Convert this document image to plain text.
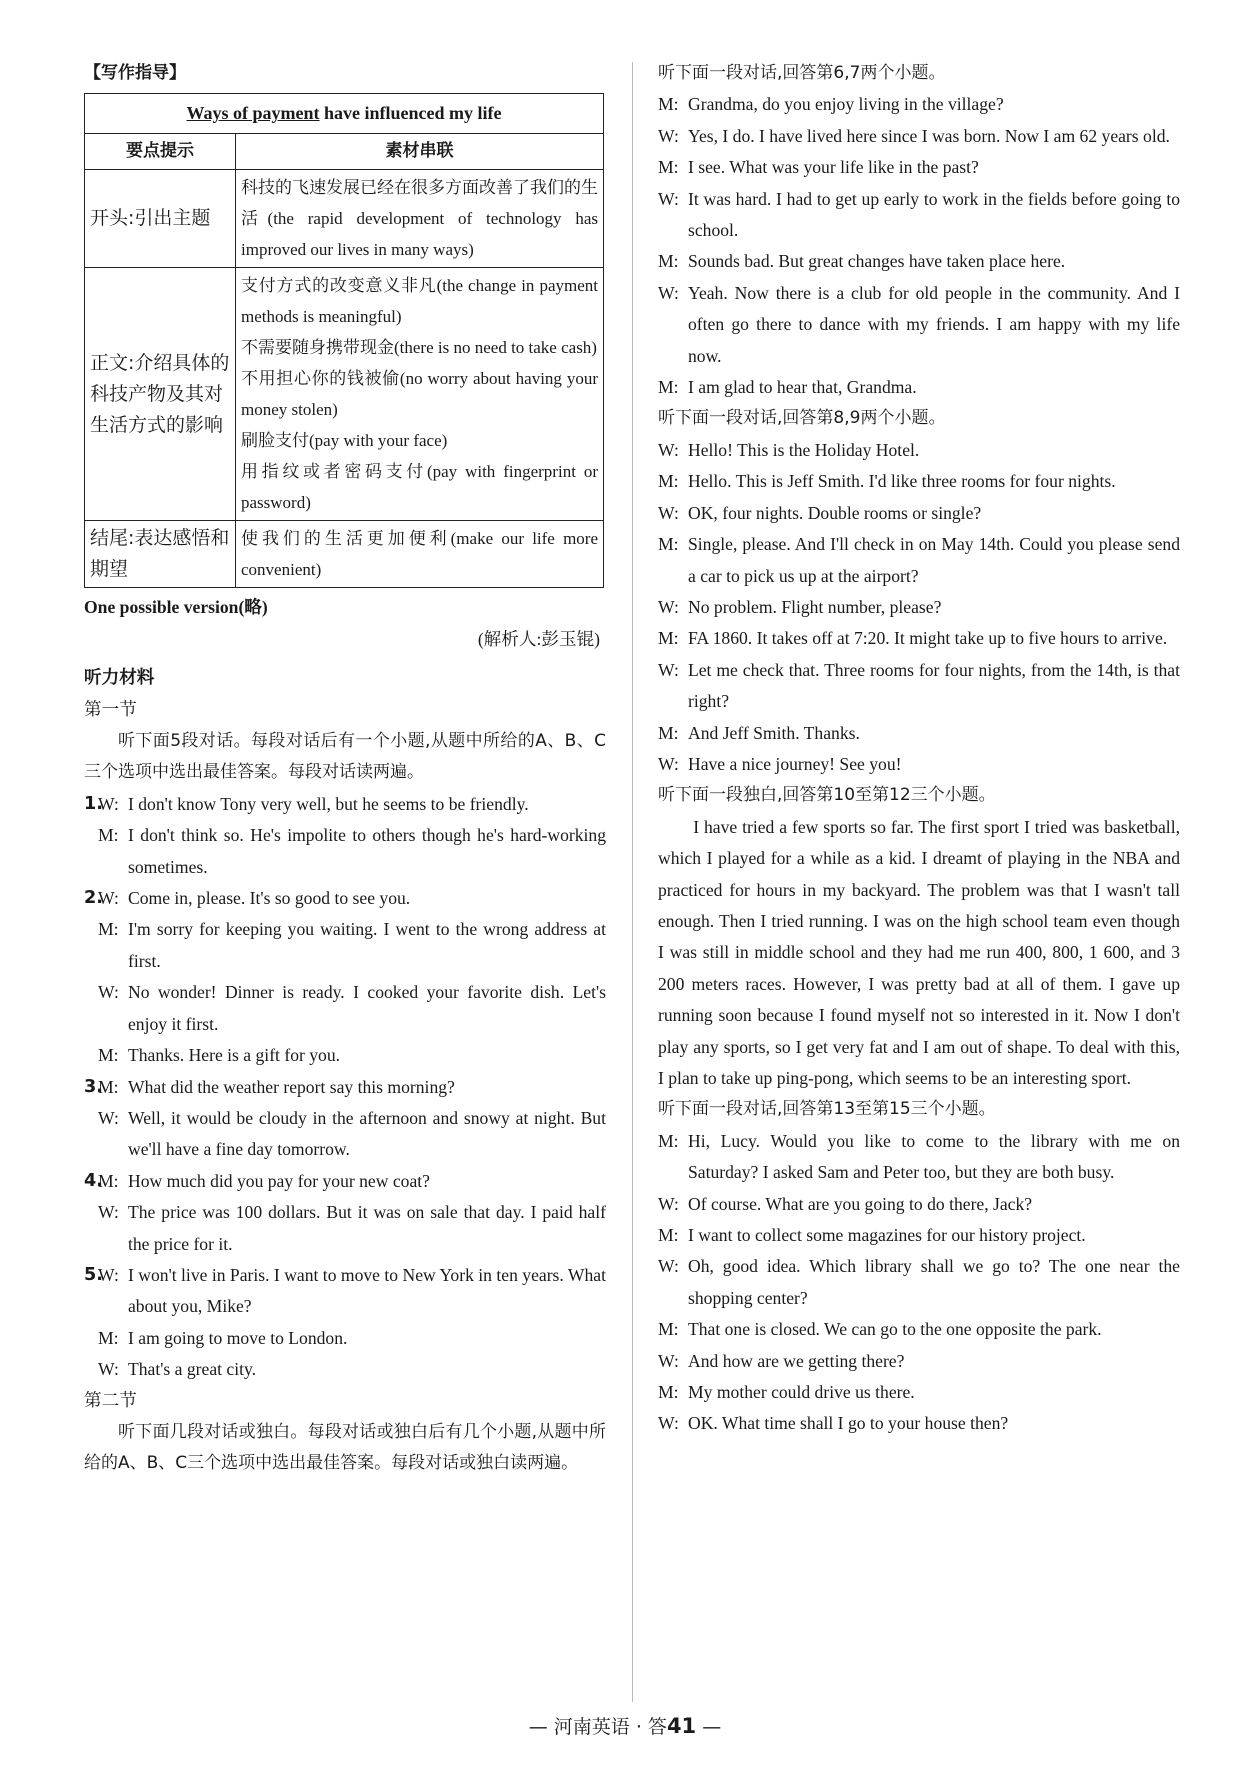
【写作指导】
Ways of payment have influenced my life	
要点提示	素材串联
开头:引出主题	科技的飞速发展已经在很多方面改善了我们的生活(the rapid development of technology has improved our lives in many ways)

正文:介绍具体的科技产物及其对生活方式的影响	支付方式的改变意义非凡(the change in payment methods is meaningful)
不需要随身携带现金(there is no need to take cash)
不用担心你的钱被偷(no worry about having your money stolen)
刷脸支付(pay with your face)
用指纹或者密码支付(pay with fingerprint or password)

结尾:表达感悟和期望	使我们的生活更加便利(make our life more convenient)
One possible version(略)
(解析人:彭玉锟)
听力材料
第一节
听下面5段对话。每段对话后有一个小题,从题中所给的A、B、C三个选项中选出最佳答案。每段对话读两遍。
1.
W: I don't know Tony very well, but he seems to be friendly.
M: I don't think so. He's impolite to others though he's hard-working sometimes.
2.
W: Come in, please. It's so good to see you.
M: I'm sorry for keeping you waiting. I went to the wrong address at first.
W: No wonder! Dinner is ready. I cooked your favorite dish. Let's enjoy it first.
M: Thanks. Here is a gift for you.
3.
M: What did the weather report say this morning?
W: Well, it would be cloudy in the afternoon and snowy at night. But we'll have a fine day tomorrow.
4.
M: How much did you pay for your new coat?
W: The price was 100 dollars. But it was on sale that day. I paid half the price for it.
5.
W: I won't live in Paris. I want to move to New York in ten years. What about you, Mike?
M: I am going to move to London.
W: That's a great city.
第二节
听下面几段对话或独白。每段对话或独白后有几个小题,从题中所给的A、B、C三个选项中选出最佳答案。每段对话或独白读两遍。
听下面一段对话,回答第6,7两个小题。
M: Grandma, do you enjoy living in the village?
W: Yes, I do. I have lived here since I was born. Now I am 62 years old.
M: I see. What was your life like in the past?
W: It was hard. I had to get up early to work in the fields before going to school.
M: Sounds bad. But great changes have taken place here.
W: Yeah. Now there is a club for old people in the community. And I often go there to dance with my friends. I am happy with my life now.
M: I am glad to hear that, Grandma.
听下面一段对话,回答第8,9两个小题。
W: Hello! This is the Holiday Hotel.
M: Hello. This is Jeff Smith. I'd like three rooms for four nights.
W: OK, four nights. Double rooms or single?
M: Single, please. And I'll check in on May 14th. Could you please send a car to pick us up at the airport?
W: No problem. Flight number, please?
M: FA 1860. It takes off at 7:20. It might take up to five hours to arrive.
W: Let me check that. Three rooms for four nights, from the 14th, is that right?
M: And Jeff Smith. Thanks.
W: Have a nice journey! See you!
听下面一段独白,回答第10至第12三个小题。
I have tried a few sports so far. The first sport I tried was basketball, which I played for a while as a kid. I dreamt of playing in the NBA and practiced for hours in my backyard. The problem was that I wasn't tall enough. Then I tried running. I was on the high school team even though I was still in middle school and they had me run 400, 800, 1 600, and 3 200 meters races. However, I was pretty bad at all of them. I gave up running soon because I found myself not so interested in it. Now I don't play any sports, so I get very fat and I am out of shape. To deal with this, I plan to take up ping-pong, which seems to be an interesting sport.
听下面一段对话,回答第13至第15三个小题。
M: Hi, Lucy. Would you like to come to the library with me on Saturday? I asked Sam and Peter too, but they are both busy.
W: Of course. What are you going to do there, Jack?
M: I want to collect some magazines for our history project.
W: Oh, good idea. Which library shall we go to? The one near the shopping center?
M: That one is closed. We can go to the one opposite the park.
W: And how are we getting there?
M: My mother could drive us there.
W: OK. What time shall I go to your house then?
— 河南英语 · 答41 —
